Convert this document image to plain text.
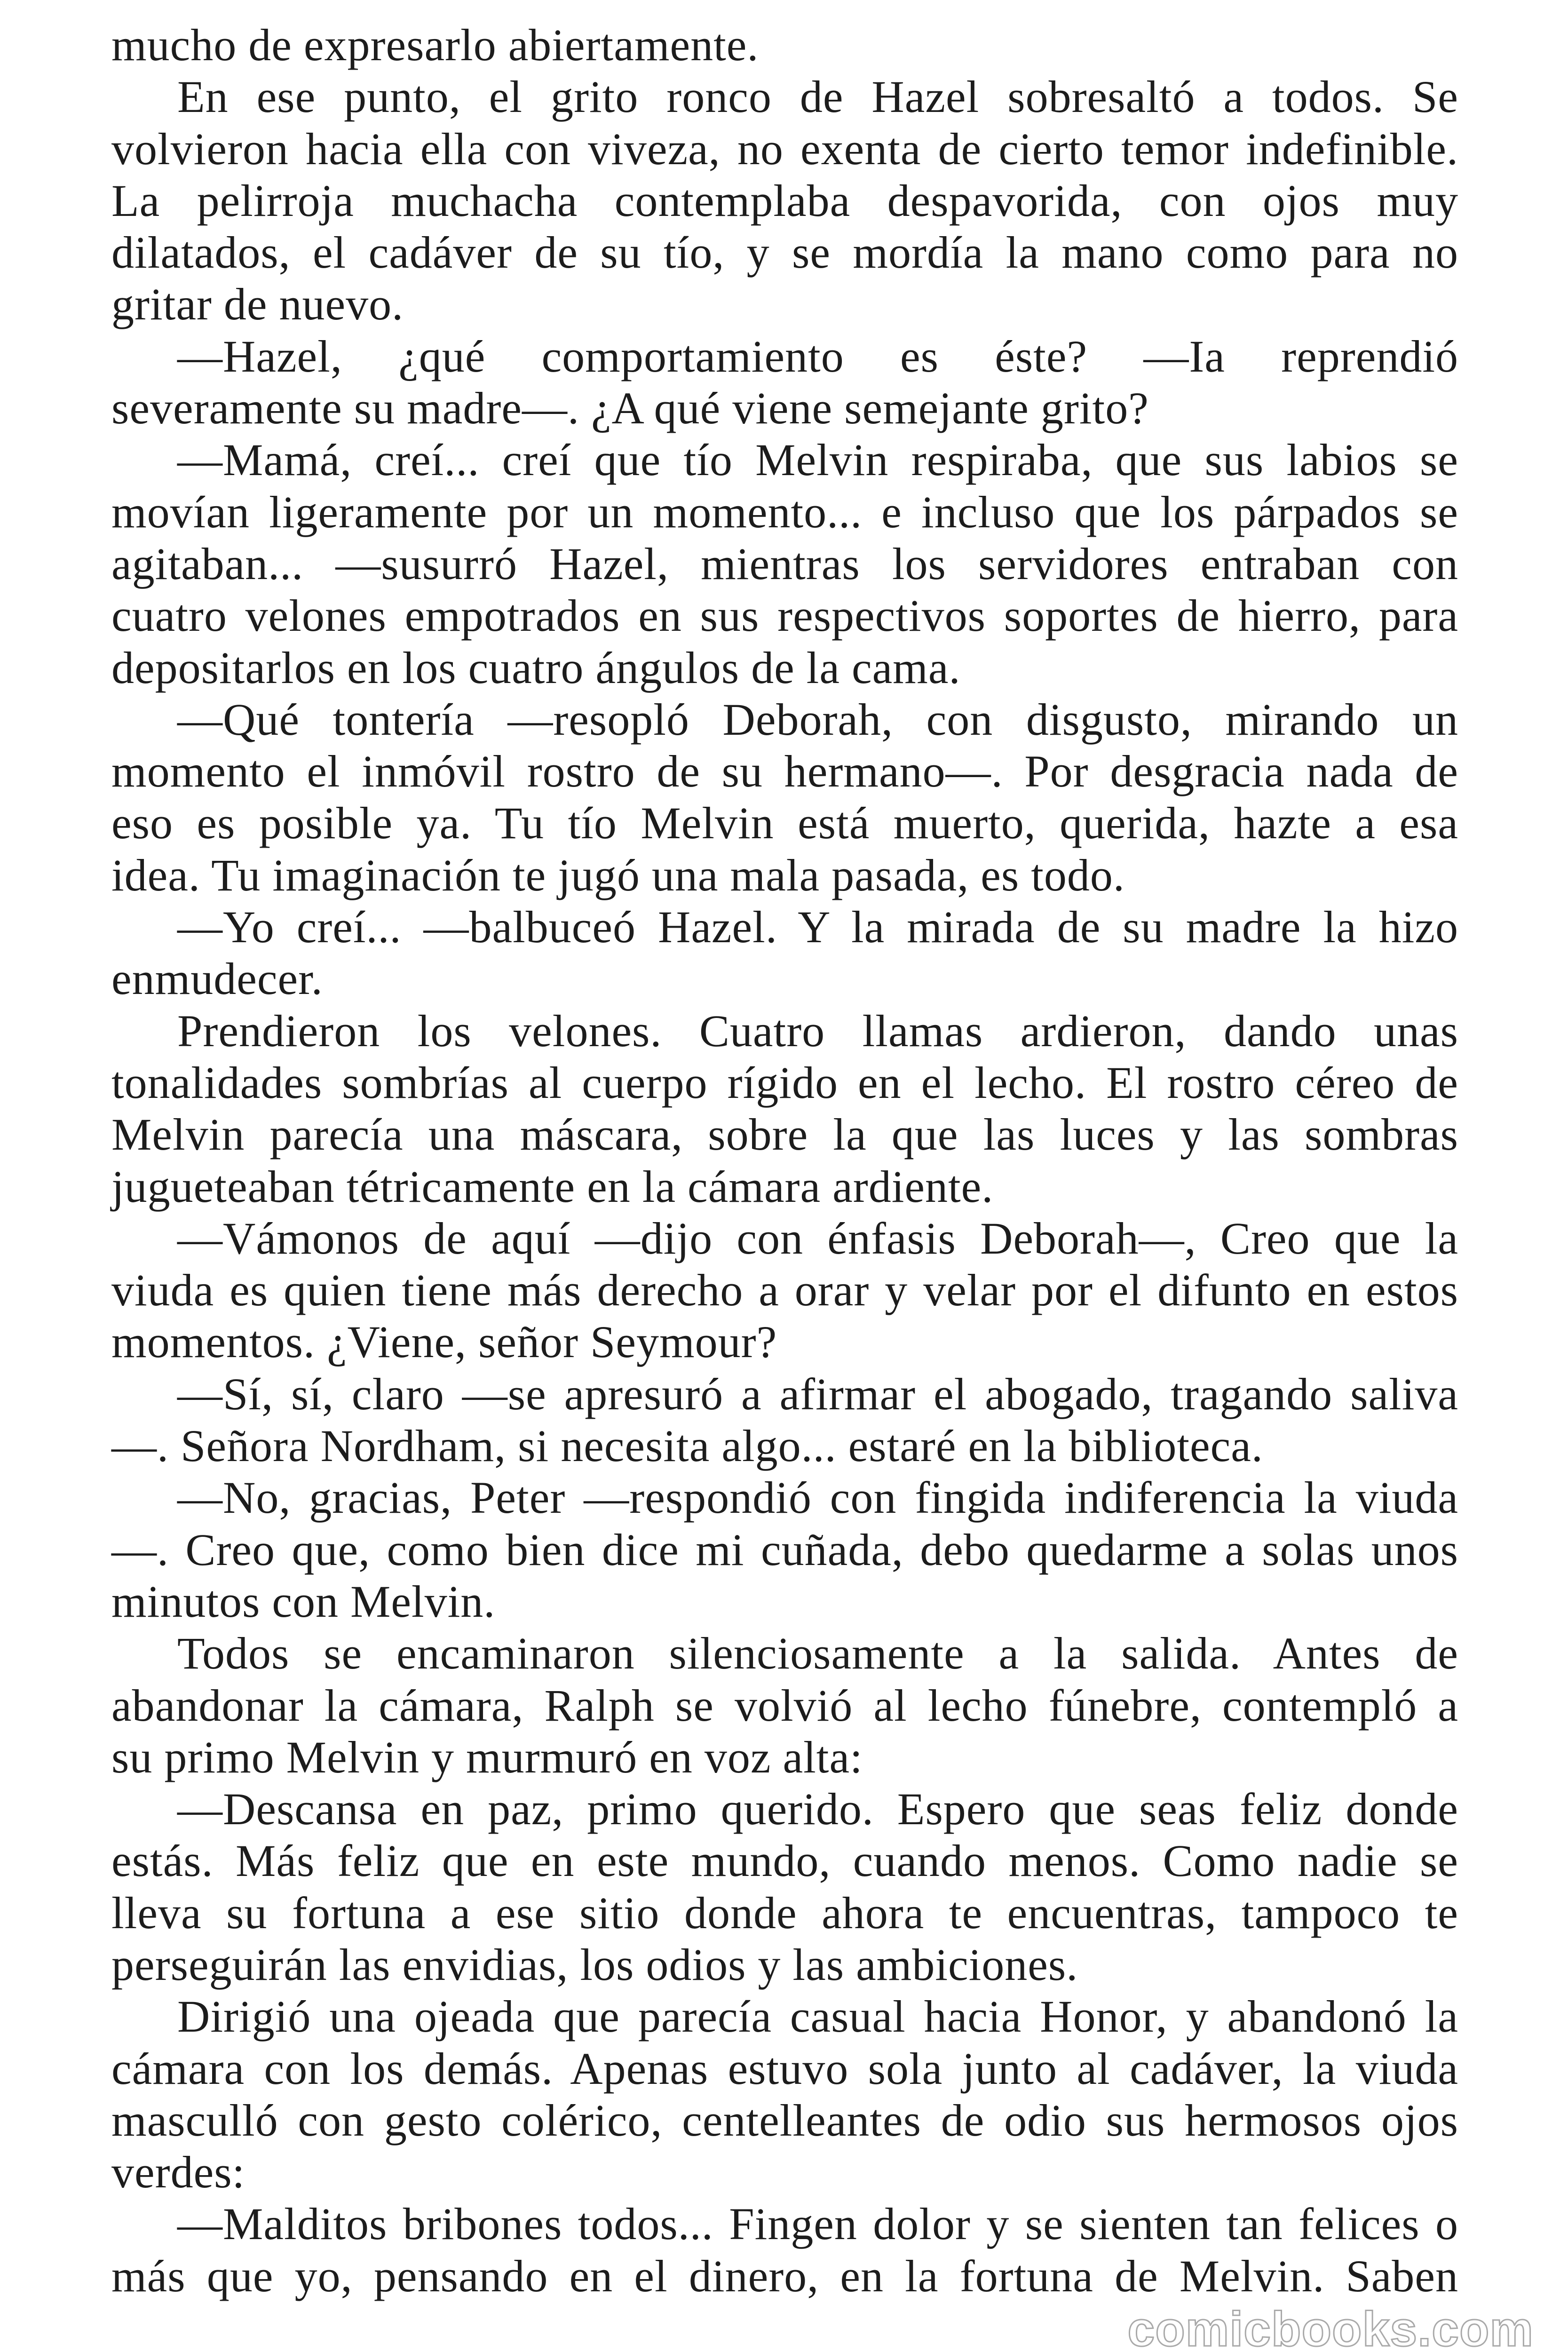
mucho de expresarlo abiertamente.
En ese punto, el grito ronco de Hazel sobresaltó a todos. Se
volvieron hacia ella con viveza, no exenta de cierto temor indefinible.
La pelirroja muchacha contemplaba despavorida, con ojos muy
dilatados, el cadáver de su tío, y se mordía la mano como para no
gritar de nuevo.
—Hazel, ¿qué comportamiento es éste? —Ia reprendió
severamente su madre—. ¿A qué viene semejante grito?
—Mamá, creí... creí que tío Melvin respiraba, que sus labios se
movían ligeramente por un momento... e incluso que los párpados se
agitaban... —susurró Hazel, mientras los servidores entraban con
cuatro velones empotrados en sus respectivos soportes de hierro, para
depositarlos en los cuatro ángulos de la cama.
—Qué tontería —resopló Deborah, con disgusto, mirando un
momento el inmóvil rostro de su hermano—. Por desgracia nada de
eso es posible ya. Tu tío Melvin está muerto, querida, hazte a esa
idea. Tu imaginación te jugó una mala pasada, es todo.
—Yo creí... —balbuceó Hazel. Y la mirada de su madre la hizo
enmudecer.
Prendieron los velones. Cuatro llamas ardieron, dando unas
tonalidades sombrías al cuerpo rígido en el lecho. El rostro céreo de
Melvin parecía una máscara, sobre la que las luces y las sombras
jugueteaban tétricamente en la cámara ardiente.
—Vámonos de aquí —dijo con énfasis Deborah—, Creo que la
viuda es quien tiene más derecho a orar y velar por el difunto en estos
momentos. ¿Viene, señor Seymour?
—Sí, sí, claro —se apresuró a afirmar el abogado, tragando saliva
—. Señora Nordham, si necesita algo... estaré en la biblioteca.
—No, gracias, Peter —respondió con fingida indiferencia la viuda
—. Creo que, como bien dice mi cuñada, debo quedarme a solas unos
minutos con Melvin.
Todos se encaminaron silenciosamente a la salida. Antes de
abandonar la cámara, Ralph se volvió al lecho fúnebre, contempló a
su primo Melvin y murmuró en voz alta:
—Descansa en paz, primo querido. Espero que seas feliz donde
estás. Más feliz que en este mundo, cuando menos. Como nadie se
lleva su fortuna a ese sitio donde ahora te encuentras, tampoco te
perseguirán las envidias, los odios y las ambiciones.
Dirigió una ojeada que parecía casual hacia Honor, y abandonó la
cámara con los demás. Apenas estuvo sola junto al cadáver, la viuda
masculló con gesto colérico, centelleantes de odio sus hermosos ojos
verdes:
—Malditos bribones todos... Fingen dolor y se sienten tan felices o
más que yo, pensando en el dinero, en la fortuna de Melvin. Saben
comicbooks.com
